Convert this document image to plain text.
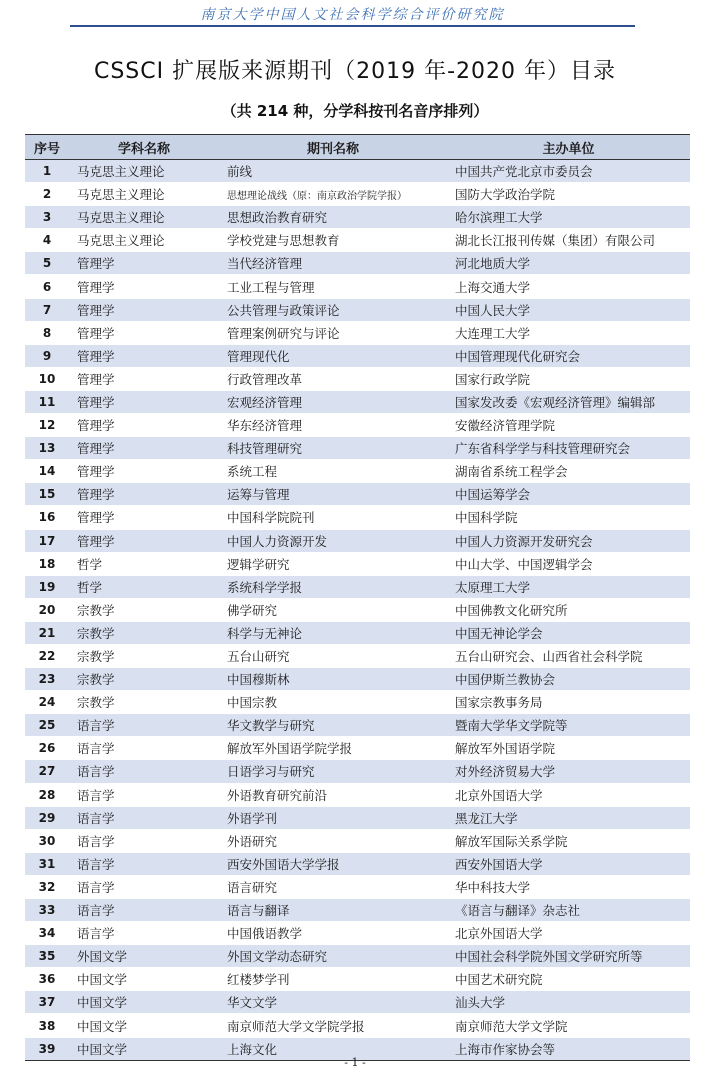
南京大学中国人文社会科学综合评价研究院
CSSCI 扩展版来源期刊（2019 年-2020 年）目录
（共 214 种，分学科按刊名音序排列）
序号	学科名称	期刊名称	主办单位
1	马克思主义理论	前线	中国共产党北京市委员会
2	马克思主义理论	思想理论战线（原：南京政治学院学报）	国防大学政治学院
3	马克思主义理论	思想政治教育研究	哈尔滨理工大学
4	马克思主义理论	学校党建与思想教育	湖北长江报刊传媒（集团）有限公司
5	管理学	当代经济管理	河北地质大学
6	管理学	工业工程与管理	上海交通大学
7	管理学	公共管理与政策评论	中国人民大学
8	管理学	管理案例研究与评论	大连理工大学
9	管理学	管理现代化	中国管理现代化研究会
10	管理学	行政管理改革	国家行政学院
11	管理学	宏观经济管理	国家发改委《宏观经济管理》编辑部
12	管理学	华东经济管理	安徽经济管理学院
13	管理学	科技管理研究	广东省科学学与科技管理研究会
14	管理学	系统工程	湖南省系统工程学会
15	管理学	运筹与管理	中国运筹学会
16	管理学	中国科学院院刊	中国科学院
17	管理学	中国人力资源开发	中国人力资源开发研究会
18	哲学	逻辑学研究	中山大学、中国逻辑学会
19	哲学	系统科学学报	太原理工大学
20	宗教学	佛学研究	中国佛教文化研究所
21	宗教学	科学与无神论	中国无神论学会
22	宗教学	五台山研究	五台山研究会、山西省社会科学院
23	宗教学	中国穆斯林	中国伊斯兰教协会
24	宗教学	中国宗教	国家宗教事务局
25	语言学	华文教学与研究	暨南大学华文学院等
26	语言学	解放军外国语学院学报	解放军外国语学院
27	语言学	日语学习与研究	对外经济贸易大学
28	语言学	外语教育研究前沿	北京外国语大学
29	语言学	外语学刊	黑龙江大学
30	语言学	外语研究	解放军国际关系学院
31	语言学	西安外国语大学学报	西安外国语大学
32	语言学	语言研究	华中科技大学
33	语言学	语言与翻译	《语言与翻译》杂志社
34	语言学	中国俄语教学	北京外国语大学
35	外国文学	外国文学动态研究	中国社会科学院外国文学研究所等
36	中国文学	红楼梦学刊	中国艺术研究院
37	中国文学	华文文学	汕头大学
38	中国文学	南京师范大学文学院学报	南京师范大学文学院
39	中国文学	上海文化	上海市作家协会等
- 1 -
